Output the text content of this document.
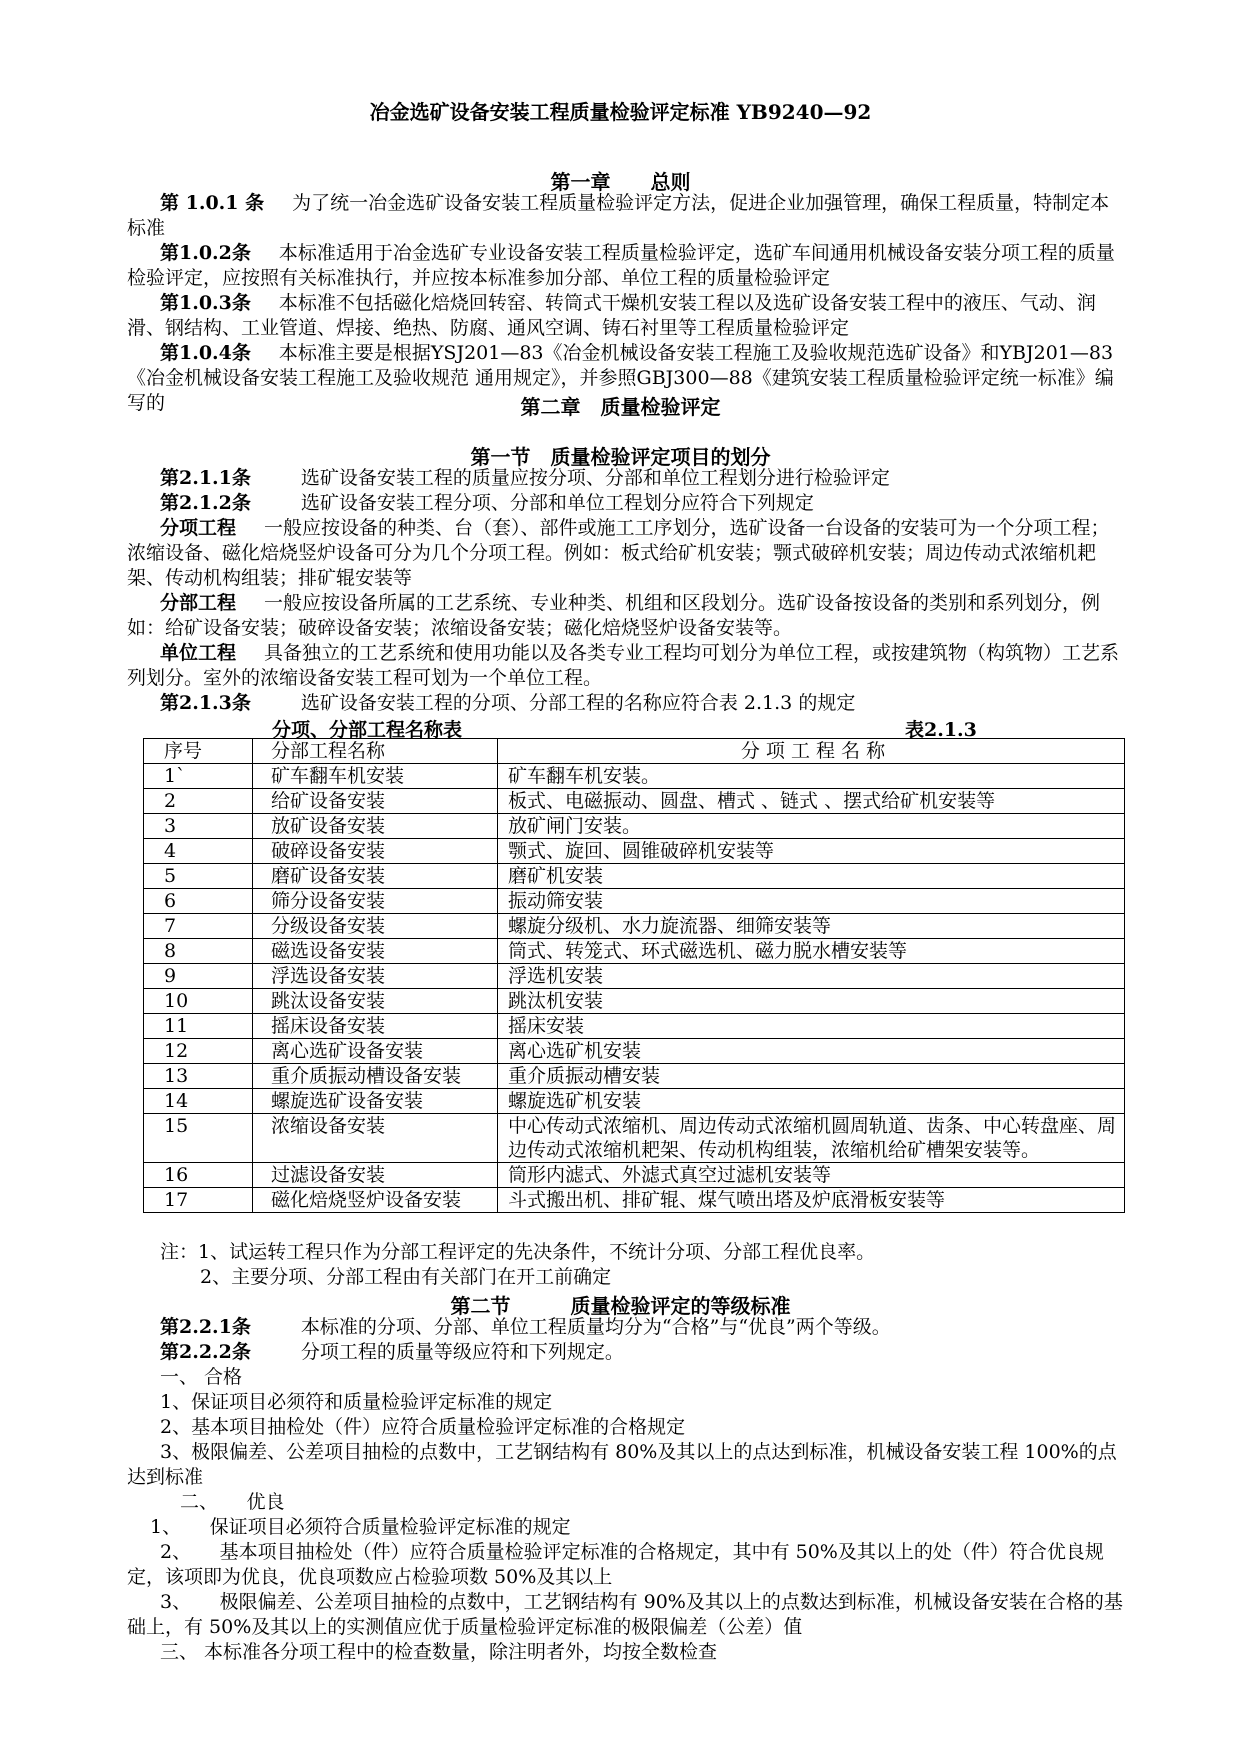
冶金选矿设备安装工程质量检验评定标准 YB9240—92
第一章　　总则
第 1.0.1 条 为了统一冶金选矿设备安装工程质量检验评定方法，促进企业加强管理，确保工程质量，特制定本标准
第1.0.2条 本标准适用于冶金选矿专业设备安装工程质量检验评定，选矿车间通用机械设备安装分项工程的质量检验评定，应按照有关标准执行，并应按本标准参加分部、单位工程的质量检验评定
第1.0.3条 本标准不包括磁化焙烧回转窑、转筒式干燥机安装工程以及选矿设备安装工程中的液压、气动、润滑、钢结构、工业管道、焊接、绝热、防腐、通风空调、铸石衬里等工程质量检验评定
第1.0.4条 本标准主要是根据YSJ201—83《冶金机械设备安装工程施工及验收规范选矿设备》和YBJ201—83《冶金机械设备安装工程施工及验收规范 通用规定》，并参照GBJ300—88《建筑安装工程质量检验评定统一标准》编写的	第二章　质量检验评定
第一节　质量检验评定项目的划分
第2.1.1条	选矿设备安装工程的质量应按分项、分部和单位工程划分进行检验评定
第2.1.2条	选矿设备安装工程分项、分部和单位工程划分应符合下列规定
分项工程 一般应按设备的种类、台（套）、部件或施工工序划分，选矿设备一台设备的安装可为一个分项工程；浓缩设备、磁化焙烧竖炉设备可分为几个分项工程。例如：板式给矿机安装；颚式破碎机安装；周边传动式浓缩机耙架、传动机构组装；排矿辊安装等
分部工程 一般应按设备所属的工艺系统、专业种类、机组和区段划分。选矿设备按设备的类别和系列划分，例如：给矿设备安装；破碎设备安装；浓缩设备安装；磁化焙烧竖炉设备安装等。
单位工程 具备独立的工艺系统和使用功能以及各类专业工程均可划分为单位工程，或按建筑物（构筑物）工艺系列划分。室外的浓缩设备安装工程可划为一个单位工程。
第2.1.3条	选矿设备安装工程的分项、分部工程的名称应符合表 2.1.3 的规定
分项、分部工程名称表	表2.1.3
序号	分部工程名称	分 项 工 程 名 称
1`	矿车翻车机安装	矿车翻车机安装。
2	给矿设备安装	板式、电磁振动、圆盘、槽式 、链式 、摆式给矿机安装等
3	放矿设备安装	放矿闸门安装。
4	破碎设备安装	颚式、旋回、圆锥破碎机安装等
5	磨矿设备安装	磨矿机安装
6	筛分设备安装	振动筛安装
7	分级设备安装	螺旋分级机、水力旋流器、细筛安装等
8	磁选设备安装	筒式、转笼式、环式磁选机、磁力脱水槽安装等
9	浮选设备安装	浮选机安装
10	跳汰设备安装	跳汰机安装
11	摇床设备安装	摇床安装
12	离心选矿设备安装	离心选矿机安装
13	重介质振动槽设备安装	重介质振动槽安装
14	螺旋选矿设备安装	螺旋选矿机安装
15	浓缩设备安装	中心传动式浓缩机、周边传动式浓缩机圆周轨道、齿条、中心转盘座、周边传动式浓缩机耙架、传动机构组装，浓缩机给矿槽架安装等。
16	过滤设备安装	筒形内滤式、外滤式真空过滤机安装等
17	磁化焙烧竖炉设备安装	斗式搬出机、排矿辊、煤气喷出塔及炉底滑板安装等
注：1、试运转工程只作为分部工程评定的先决条件，不统计分项、分部工程优良率。
2、主要分项、分部工程由有关部门在开工前确定
第二节　　　质量检验评定的等级标准
第2.2.1条	本标准的分项、分部、单位工程质量均分为“合格”与“优良”两个等级。
第2.2.2条	分项工程的质量等级应符和下列规定。
一、 合格
1、保证项目必须符和质量检验评定标准的规定
2、基本项目抽检处（件）应符合质量检验评定标准的合格规定
3、极限偏差、公差项目抽检的点数中，工艺钢结构有 80%及其以上的点达到标准，机械设备安装工程 100%的点达到标准
二、　　优良
1、　　保证项目必须符合质量检验评定标准的规定
2、　　基本项目抽检处（件）应符合质量检验评定标准的合格规定，其中有 50%及其以上的处（件）符合优良规定，该项即为优良，优良项数应占检验项数 50%及其以上
3、　　极限偏差、公差项目抽检的点数中，工艺钢结构有 90%及其以上的点数达到标准，机械设备安装在合格的基础上，有 50%及其以上的实测值应优于质量检验评定标准的极限偏差（公差）值
三、 本标准各分项工程中的检查数量，除注明者外，均按全数检查
